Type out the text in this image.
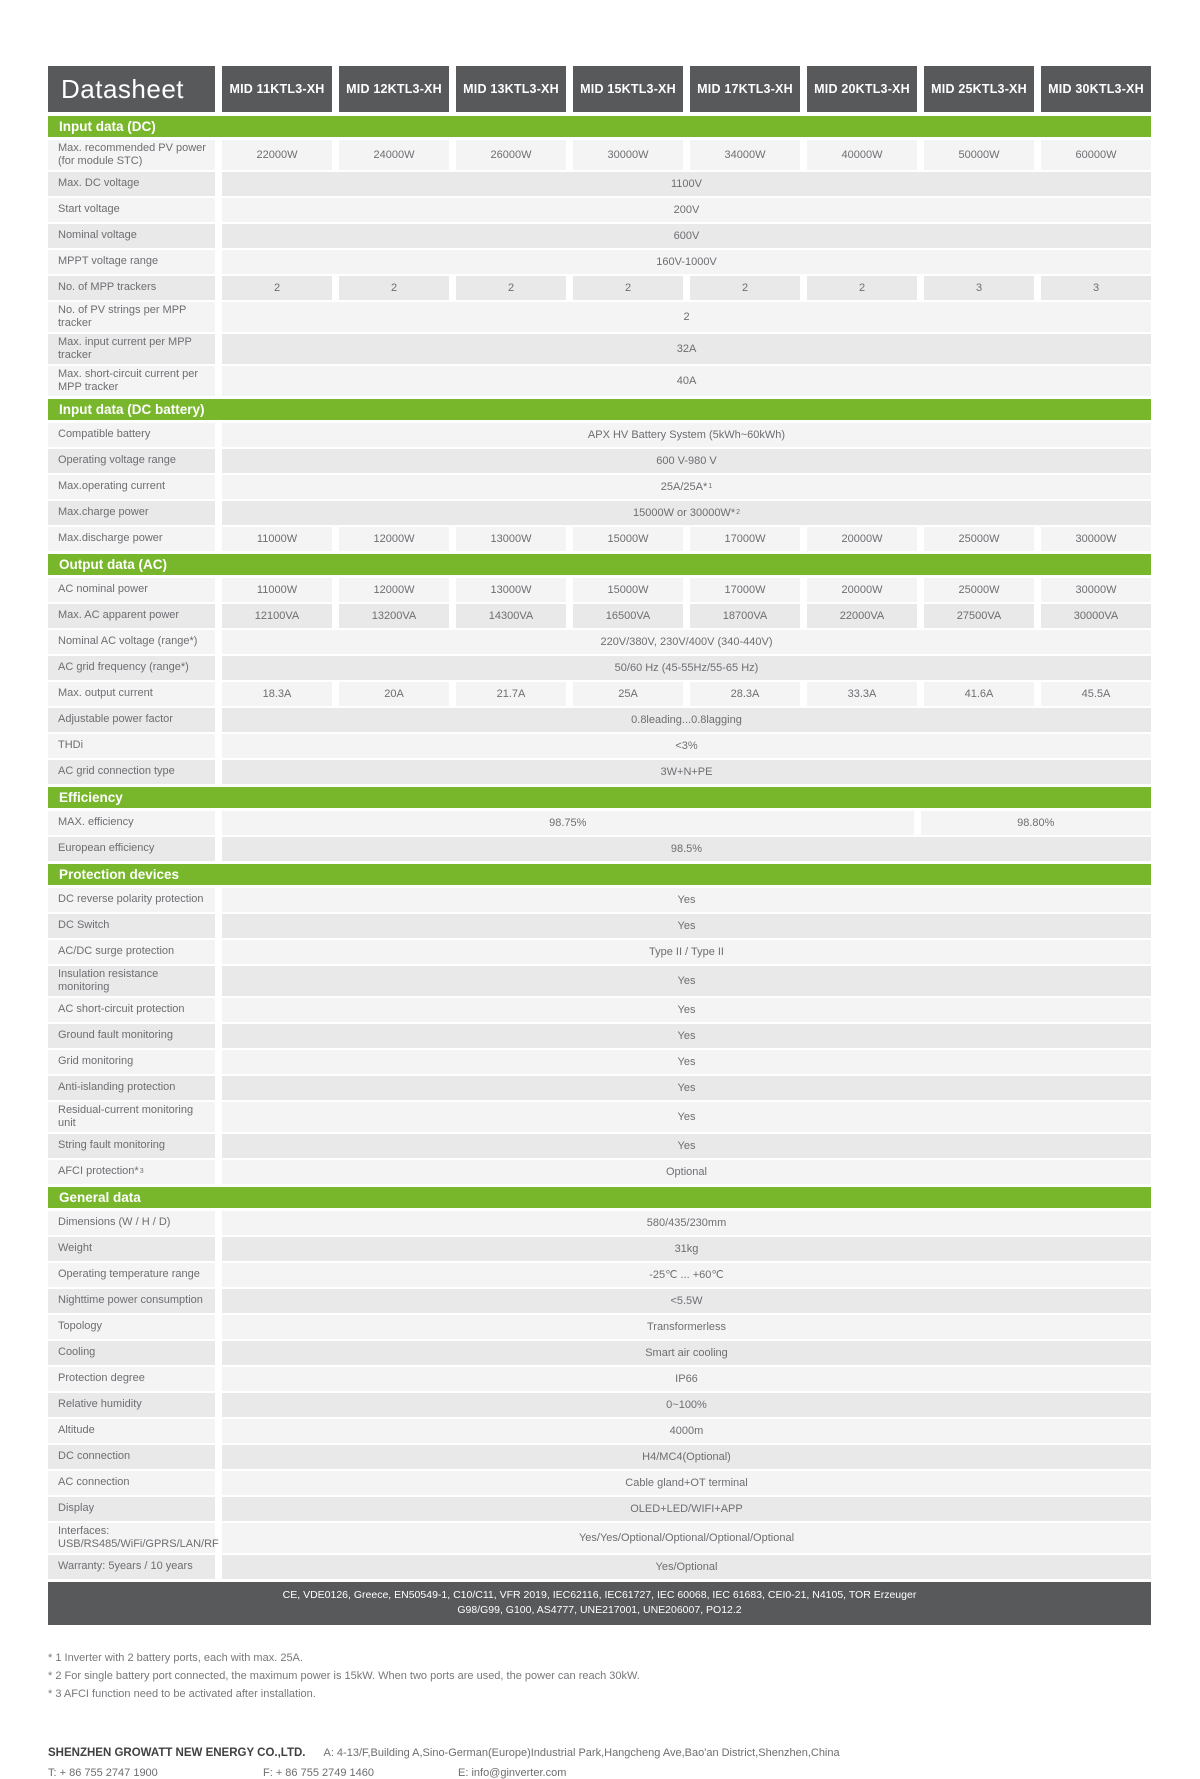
Datasheet	MID 11KTL3-XH	MID 12KTL3-XH	MID 13KTL3-XH	MID 15KTL3-XH	MID 17KTL3-XH	MID 20KTL3-XH	MID 25KTL3-XH	MID 30KTL3-XH
Input data (DC)
Max. recommended PV power (for module STC)	22000W	24000W	26000W	30000W	34000W	40000W	50000W	60000W
Max. DC voltage	1100V
Start voltage	200V
Nominal voltage	600V
MPPT voltage range	160V-1000V
No. of MPP trackers	2	2	2	2	2	2	3	3
No. of PV strings per MPP tracker	2
Max. input current per MPP tracker	32A
Max. short-circuit current per MPP tracker	40A
Input data (DC battery)
Compatible battery	APX HV Battery System (5kWh~60kWh)
Operating voltage range	600 V-980 V
Max.operating current	25A/25A* 1
Max.charge power	15000W or 30000W* 2
Max.discharge power	11000W	12000W	13000W	15000W	17000W	20000W	25000W	30000W
Output data (AC)
AC nominal power	11000W	12000W	13000W	15000W	17000W	20000W	25000W	30000W
Max. AC apparent power	12100VA	13200VA	14300VA	16500VA	18700VA	22000VA	27500VA	30000VA
Nominal AC voltage (range*)	220V/380V, 230V/400V (340-440V)
AC grid frequency (range*)	50/60 Hz (45-55Hz/55-65 Hz)
Max. output current	18.3A	20A	21.7A	25A	28.3A	33.3A	41.6A	45.5A
Adjustable power factor	0.8leading...0.8lagging
THDi	<3%
AC grid connection type	3W+N+PE
Efficiency
MAX. efficiency	98.75%	98.80%
European efficiency	98.5%
Protection devices
DC reverse polarity protection	Yes
DC Switch	Yes
AC/DC surge protection	Type II / Type II
Insulation resistance monitoring	Yes
AC short-circuit protection	Yes
Ground fault monitoring	Yes
Grid monitoring	Yes
Anti-islanding protection	Yes
Residual-current monitoring unit	Yes
String fault monitoring	Yes
AFCI protection* 3	Optional
General data
Dimensions (W / H / D)	580/435/230mm
Weight	31kg
Operating temperature range	-25℃ ... +60℃
Nighttime power consumption	<5.5W
Topology	Transformerless
Cooling	Smart air cooling
Protection degree	IP66
Relative humidity	0~100%
Altitude	4000m
DC connection	H4/MC4(Optional)
AC connection	Cable gland+OT terminal
Display	OLED+LED/WIFI+APP
Interfaces: USB/RS485/WiFi/GPRS/LAN/RF	Yes/Yes/Optional/Optional/Optional/Optional
Warranty: 5years / 10 years	Yes/Optional
CE, VDE0126, Greece, EN50549-1, C10/C11, VFR 2019, IEC62116, IEC61727, IEC 60068, IEC 61683, CEI0-21, N4105, TOR Erzeuger
G98/G99, G100, AS4777, UNE217001, UNE206007, PO12.2
* 1 Inverter with 2 battery ports, each with max. 25A.
* 2 For single battery port connected, the maximum power is 15kW. When two ports are used, the power can reach 30kW.
* 3 AFCI function need to be activated after installation.
SHENZHEN GROWATT NEW ENERGY CO.,LTD. A: 4-13/F,Building A,Sino-German(Europe)Industrial Park,Hangcheng Ave,Bao'an District,Shenzhen,China
T: + 86 755 2747 1900	F: + 86 755 2749 1460	E: info@ginverter.com
